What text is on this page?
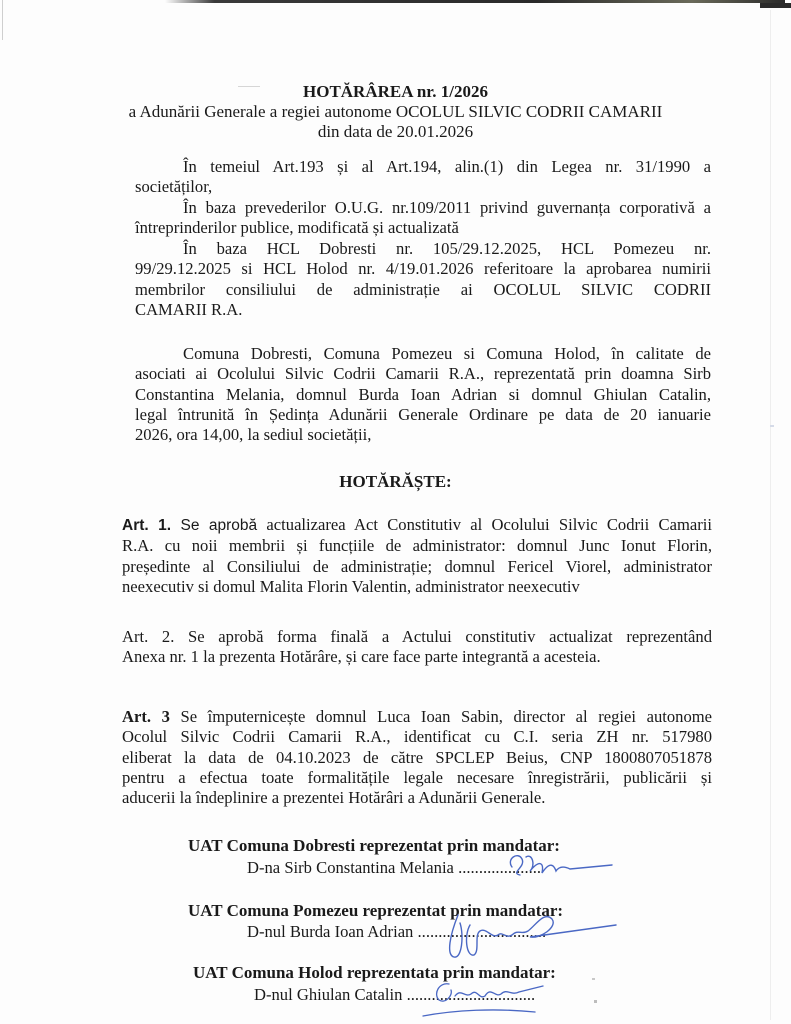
HOTĂRÂREA nr. 1/2026
a Adunării Generale a regiei autonome OCOLUL SILVIC CODRII CAMARII
din data de 20.01.2026
În temeiul Art.193 și al Art.194, alin.(1) din Legea nr. 31/1990 a
societăților,
În baza prevederilor O.U.G. nr.109/2011 privind guvernanța corporativă a
întreprinderilor publice, modificată și actualizată
În baza HCL Dobresti nr. 105/29.12.2025, HCL Pomezeu nr.
99/29.12.2025 si HCL Holod nr. 4/19.01.2026 referitoare la aprobarea numirii
membrilor consiliului de administrație ai OCOLUL SILVIC CODRII
CAMARII R.A.
Comuna Dobresti, Comuna Pomezeu si Comuna Holod, în calitate de
asociati ai Ocolului Silvic Codrii Camarii R.A., reprezentată prin doamna Sirb
Constantina Melania, domnul Burda Ioan Adrian si domnul Ghiulan Catalin,
legal întrunită în Ședința Adunării Generale Ordinare pe data de 20 ianuarie
2026, ora 14,00, la sediul societății,
HOTĂRĂȘTE:
Art. 1. Se aprobă actualizarea Act Constitutiv al Ocolului Silvic Codrii Camarii
R.A. cu noii membrii și funcțiile de administrator: domnul Junc Ionut Florin,
președinte al Consiliului de administrație; domnul Fericel Viorel, administrator
neexecutiv si domul Malita Florin Valentin, administrator neexecutiv
Art. 2. Se aprobă forma finală a Actului constitutiv actualizat reprezentând
Anexa nr. 1 la prezenta Hotărâre, și care face parte integrantă a acesteia.
Art. 3 Se împuternicește domnul Luca Ioan Sabin, director al regiei autonome
Ocolul Silvic Codrii Camarii R.A., identificat cu C.I. seria ZH nr. 517980
eliberat la data de 04.10.2023 de către SPCLEP Beius, CNP 1800807051878
pentru a efectua toate formalitățile legale necesare înregistrării, publicării și
aducerii la îndeplinire a prezentei Hotărâri a Adunării Generale.
UAT Comuna Dobresti reprezentat prin mandatar:
D-na Sirb Constantina Melania ....................
UAT Comuna Pomezeu reprezentat prin mandatar:
D-nul Burda Ioan Adrian ...............................
UAT Comuna Holod reprezentata prin mandatar:
D-nul Ghiulan Catalin ...............................
